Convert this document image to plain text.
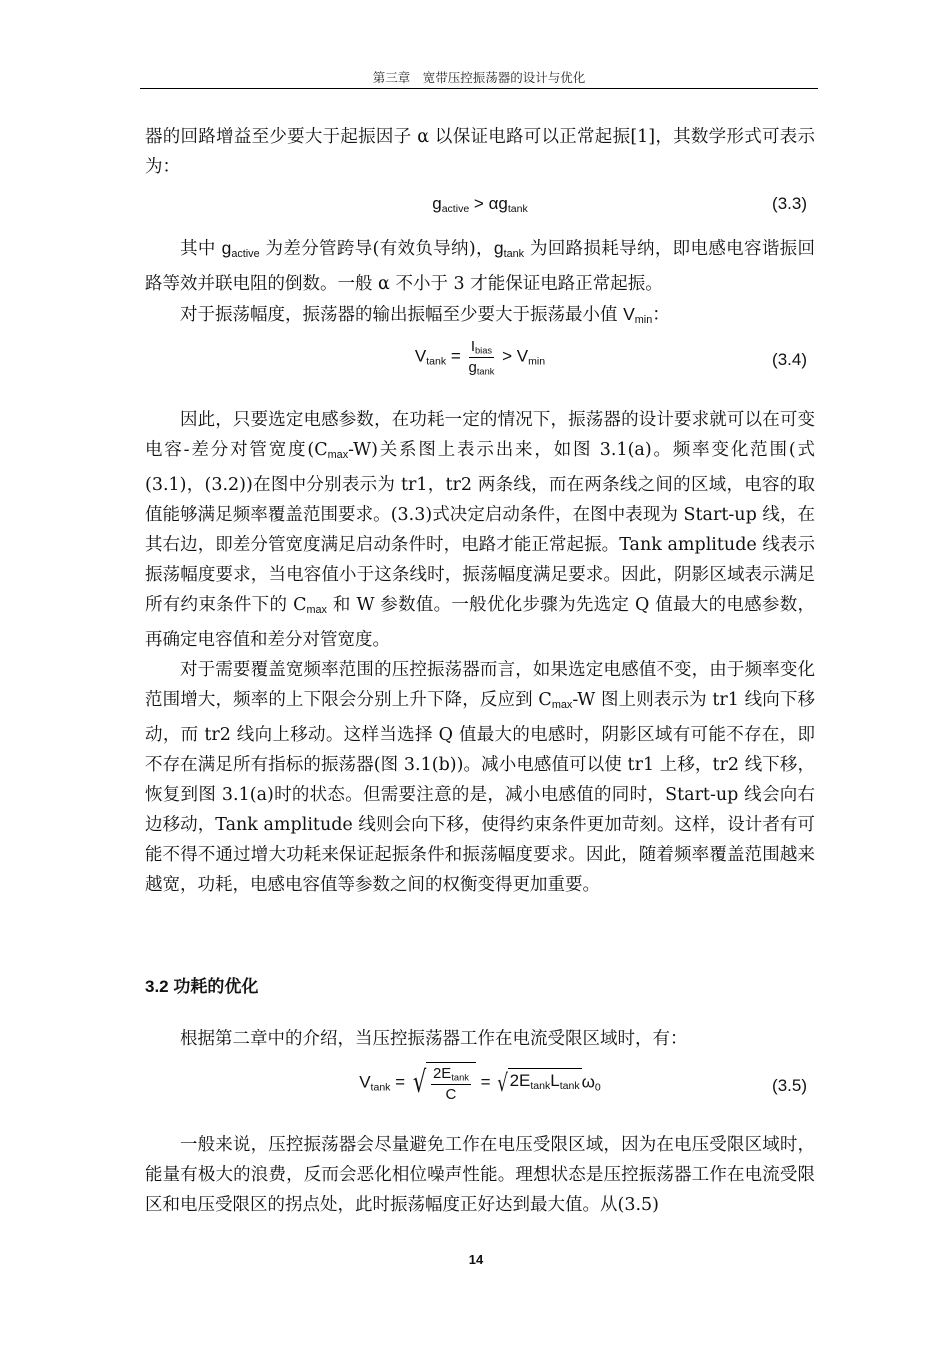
第三章　宽带压控振荡器的设计与优化

器的回路增益至少要大于起振因子 α 以保证电路可以正常起振[1]，其数学形式可表示为：

$g_{active} > \alpha g_{tank}$	(3.3)

其中 $g_{active}$ 为差分管跨导(有效负导纳)，$g_{tank}$ 为回路损耗导纳，即电感电容谐振回路等效并联电阻的倒数。一般 α 不小于 3 才能保证电路正常起振。

对于振荡幅度，振荡器的输出振幅至少要大于振荡最小值 $V_{min}$：

$V_{tank} = \frac{I_{bias}}{g_{tank}} > V_{min}$	(3.4)

因此，只要选定电感参数，在功耗一定的情况下，振荡器的设计要求就可以在可变电容-差分对管宽度$(C_{max}-W)$关系图上表示出来，如图 3.1(a)。频率变化范围(式(3.1)，(3.2))在图中分别表示为 tr1，tr2 两条线，而在两条线之间的区域，电容的取值能够满足频率覆盖范围要求。(3.3)式决定启动条件，在图中表现为 Start-up 线，在其右边，即差分管宽度满足启动条件时，电路才能正常起振。Tank amplitude 线表示振荡幅度要求，当电容值小于这条线时，振荡幅度满足要求。因此，阴影区域表示满足所有约束条件下的 $C_{max}$ 和 W 参数值。一般优化步骤为先选定 Q 值最大的电感参数，再确定电容值和差分对管宽度。

对于需要覆盖宽频率范围的压控振荡器而言，如果选定电感值不变，由于频率变化范围增大，频率的上下限会分别上升下降，反应到 $C_{max}-W$ 图上则表示为 tr1 线向下移动，而 tr2 线向上移动。这样当选择 Q 值最大的电感时，阴影区域有可能不存在，即不存在满足所有指标的振荡器(图 3.1(b))。减小电感值可以使 tr1 上移，tr2 线下移，恢复到图 3.1(a)时的状态。但需要注意的是，减小电感值的同时，Start-up 线会向右边移动，Tank amplitude 线则会向下移，使得约束条件更加苛刻。这样，设计者有可能不得不通过增大功耗来保证起振条件和振荡幅度要求。因此，随着频率覆盖范围越来越宽，功耗，电感电容值等参数之间的权衡变得更加重要。

3.2 功耗的优化

根据第二章中的介绍，当压控振荡器工作在电流受限区域时，有：

$V_{tank}$ = √ $\frac{2E_{tank}}{C}$ = √ $2E_{tank}L_{tank}$ $\omega_0$	(3.5)

一般来说，压控振荡器会尽量避免工作在电压受限区域，因为在电压受限区域时，能量有极大的浪费，反而会恶化相位噪声性能。理想状态是压控振荡器工作在电流受限区和电压受限区的拐点处，此时振荡幅度正好达到最大值。从(3.5)

14
